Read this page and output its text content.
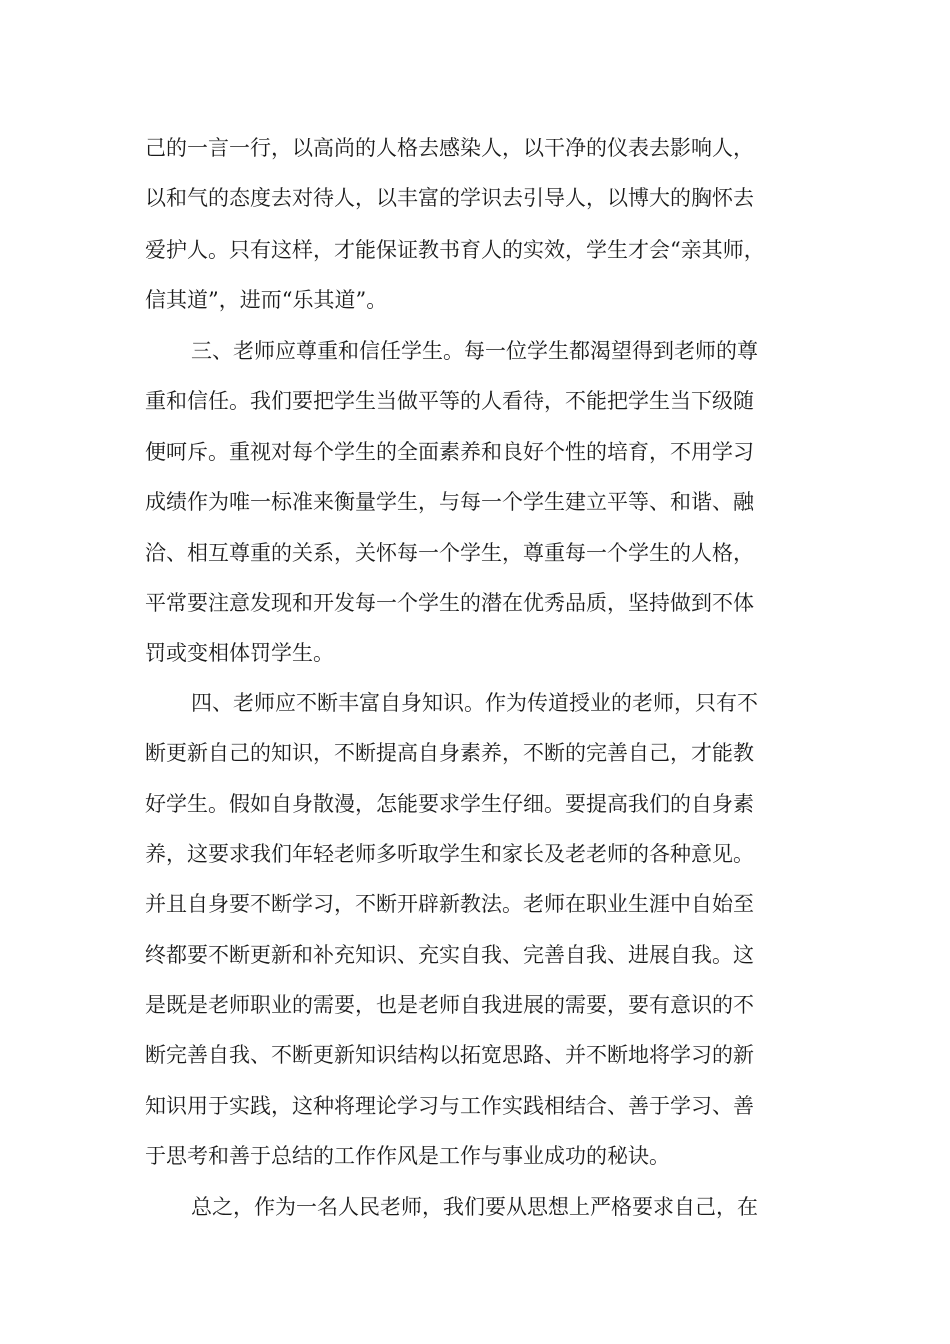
己的一言一行，以高尚的人格去感染人，以干净的仪表去影响人，
以和气的态度去对待人，以丰富的学识去引导人，以博大的胸怀去
爱护人。只有这样，才能保证教书育人的实效，学生才会“亲其师，
信其道”，进而“乐其道”。
三、老师应尊重和信任学生。每一位学生都渴望得到老师的尊
重和信任。我们要把学生当做平等的人看待，不能把学生当下级随
便呵斥。重视对每个学生的全面素养和良好个性的培育，不用学习
成绩作为唯一标准来衡量学生，与每一个学生建立平等、和谐、融
洽、相互尊重的关系，关怀每一个学生，尊重每一个学生的人格，
平常要注意发现和开发每一个学生的潜在优秀品质，坚持做到不体
罚或变相体罚学生。
四、老师应不断丰富自身知识。作为传道授业的老师，只有不
断更新自己的知识，不断提高自身素养，不断的完善自己，才能教
好学生。假如自身散漫，怎能要求学生仔细。要提高我们的自身素
养，这要求我们年轻老师多听取学生和家长及老老师的各种意见。
并且自身要不断学习，不断开辟新教法。老师在职业生涯中自始至
终都要不断更新和补充知识、充实自我、完善自我、进展自我。这
是既是老师职业的需要，也是老师自我进展的需要，要有意识的不
断完善自我、不断更新知识结构以拓宽思路、并不断地将学习的新
知识用于实践，这种将理论学习与工作实践相结合、善于学习、善
于思考和善于总结的工作作风是工作与事业成功的秘诀。
总之，作为一名人民老师，我们要从思想上严格要求自己，在
